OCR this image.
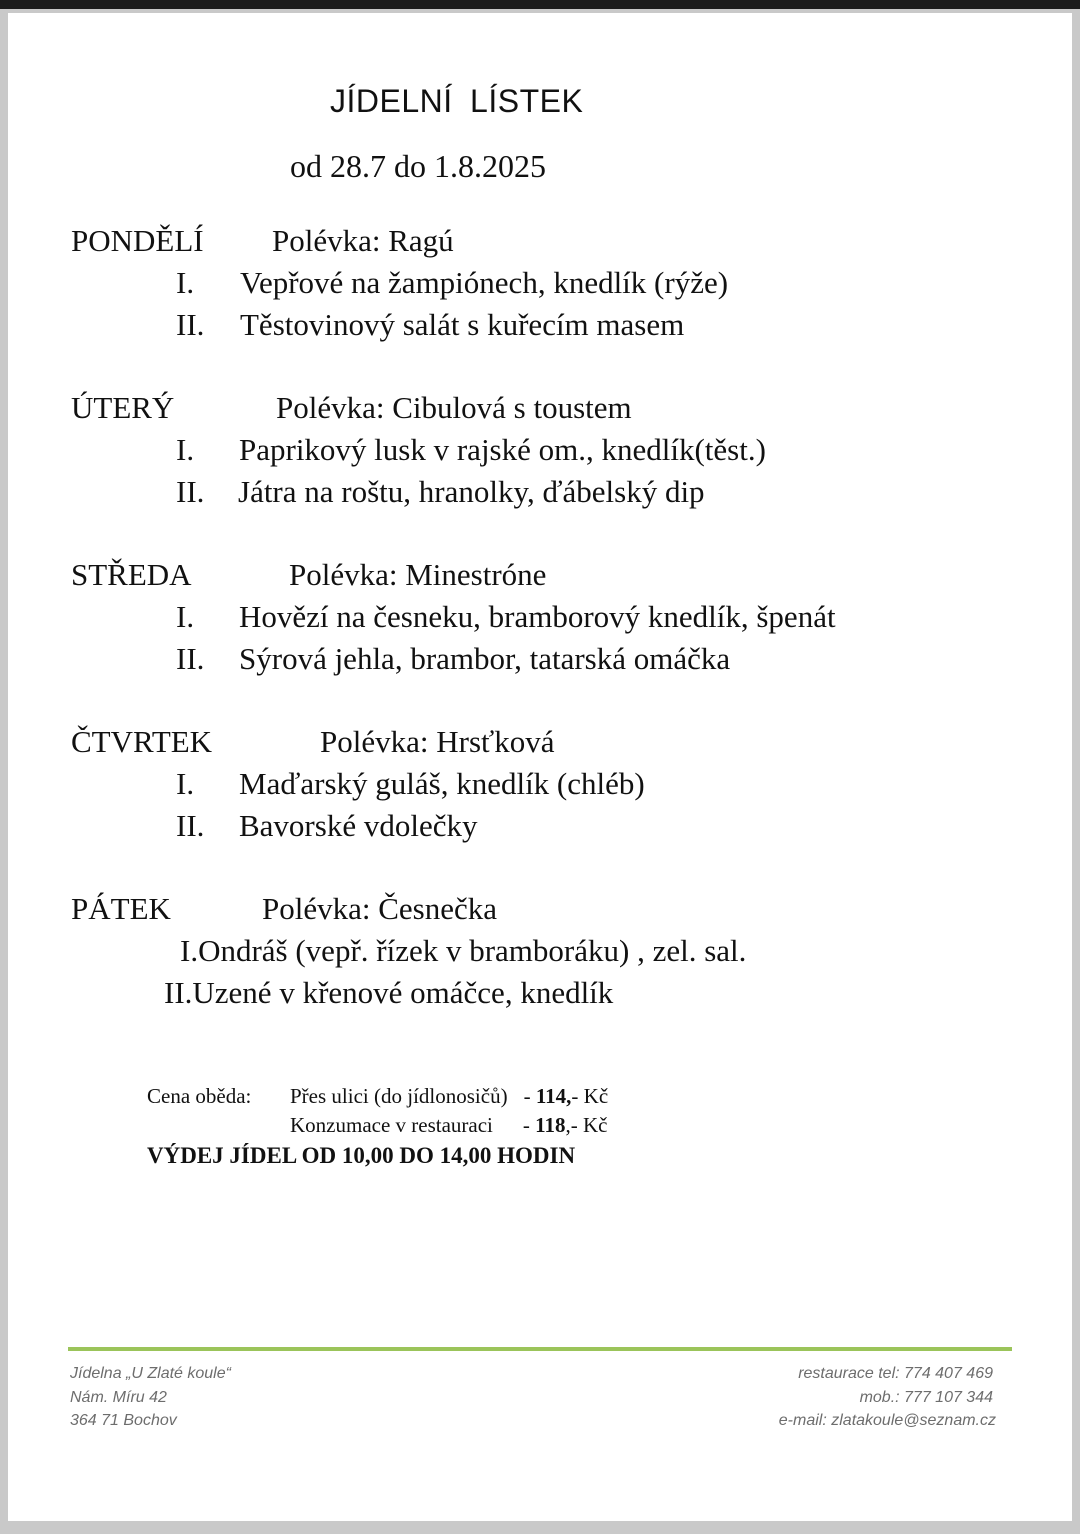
JÍDELNÍ LÍSTEK
od 28.7 do 1.8.2025
PONDĚLÍ Polévka: Ragú
I. Vepřové na žampiónech, knedlík (rýže)
II. Těstovinový salát s kuřecím masem
ÚTERÝ	Polévka: Cibulová s toustem
I. Paprikový lusk v rajské om., knedlík(těst.)
II. Játra na roštu, hranolky, ďábelský dip
STŘEDA	Polévka: Minestróne
I. Hovězí na česneku, bramborový knedlík, špenát
II. Sýrová jehla, brambor, tatarská omáčka
ČTVRTEK	Polévka: Hrsťková
I. Maďarský guláš, knedlík (chléb)
II. Bavorské vdolečky
PÁTEK	Polévka: Česnečka
I.Ondráš (vepř. řízek v bramboráku) , zel. sal.
II.Uzené v křenové omáčce, knedlík
Cena oběda: Přes ulici (do jídlonosičů) - 114,- Kč
Konzumace v restauraci - 118,- Kč
VÝDEJ JÍDEL OD 10,00 DO 14,00 HODIN
Jídelna „U Zlaté koule“
Nám. Míru 42
364 71 Bochov
restaurace tel: 774 407 469
mob.: 777 107 344
e-mail: zlatakoule@seznam.cz
